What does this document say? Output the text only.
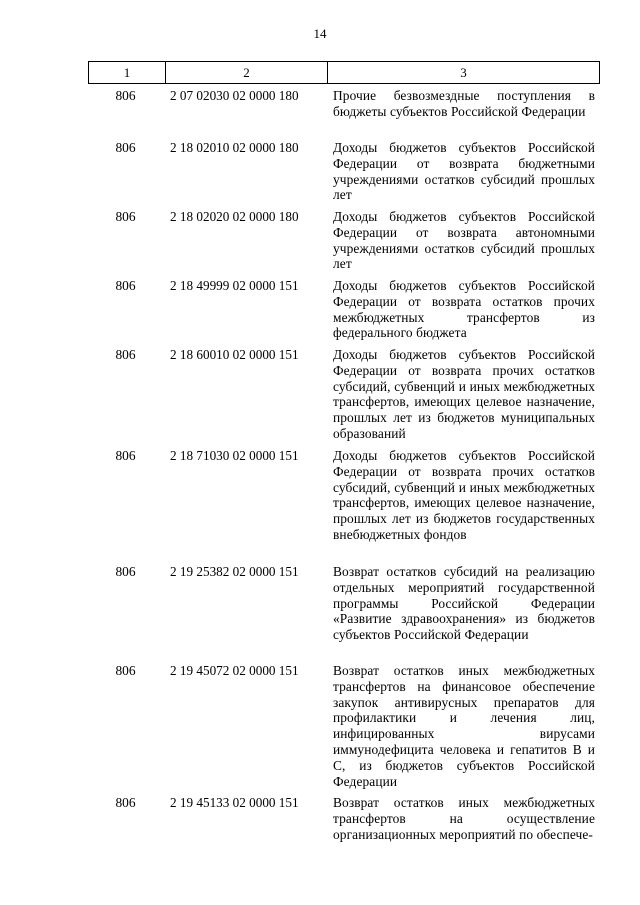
14
1	2	3
806	2 07 02030 02 0000 180	Прочие безвозмездные поступления в бюджеты субъектов Российской Федерации
806	2 18 02010 02 0000 180	Доходы бюджетов субъектов Российской Федерации от возврата бюджетными учреждениями остатков субсидий прошлых лет
806	2 18 02020 02 0000 180	Доходы бюджетов субъектов Российской Федерации от возврата автономными учреждениями остатков субсидий прошлых лет
806	2 18 49999 02 0000 151	Доходы бюджетов субъектов Российской Федерации от возврата остатков прочих межбюджетных трансфертов из федерального бюджета
806	2 18 60010 02 0000 151	Доходы бюджетов субъектов Российской Федерации от возврата прочих остатков субсидий, субвенций и иных межбюджетных трансфертов, имеющих целевое назначение, прошлых лет из бюджетов муниципальных образований
806	2 18 71030 02 0000 151	Доходы бюджетов субъектов Российской Федерации от возврата прочих остатков субсидий, субвенций и иных межбюджетных трансфертов, имеющих целевое назначение, прошлых лет из бюджетов государственных внебюджетных фондов
806	2 19 25382 02 0000 151	Возврат остатков субсидий на реализацию отдельных мероприятий государственной программы Российской Федерации «Развитие здравоохранения» из бюджетов субъектов Российской Федерации
806	2 19 45072 02 0000 151	Возврат остатков иных межбюджетных трансфертов на финансовое обеспечение закупок антивирусных препаратов для профилактики и лечения лиц, инфицированных вирусами иммунодефицита человека и гепатитов В и С, из бюджетов субъектов Российской Федерации
806	2 19 45133 02 0000 151	Возврат остатков иных межбюджетных трансфертов на осуществление организационных мероприятий по обеспече-
